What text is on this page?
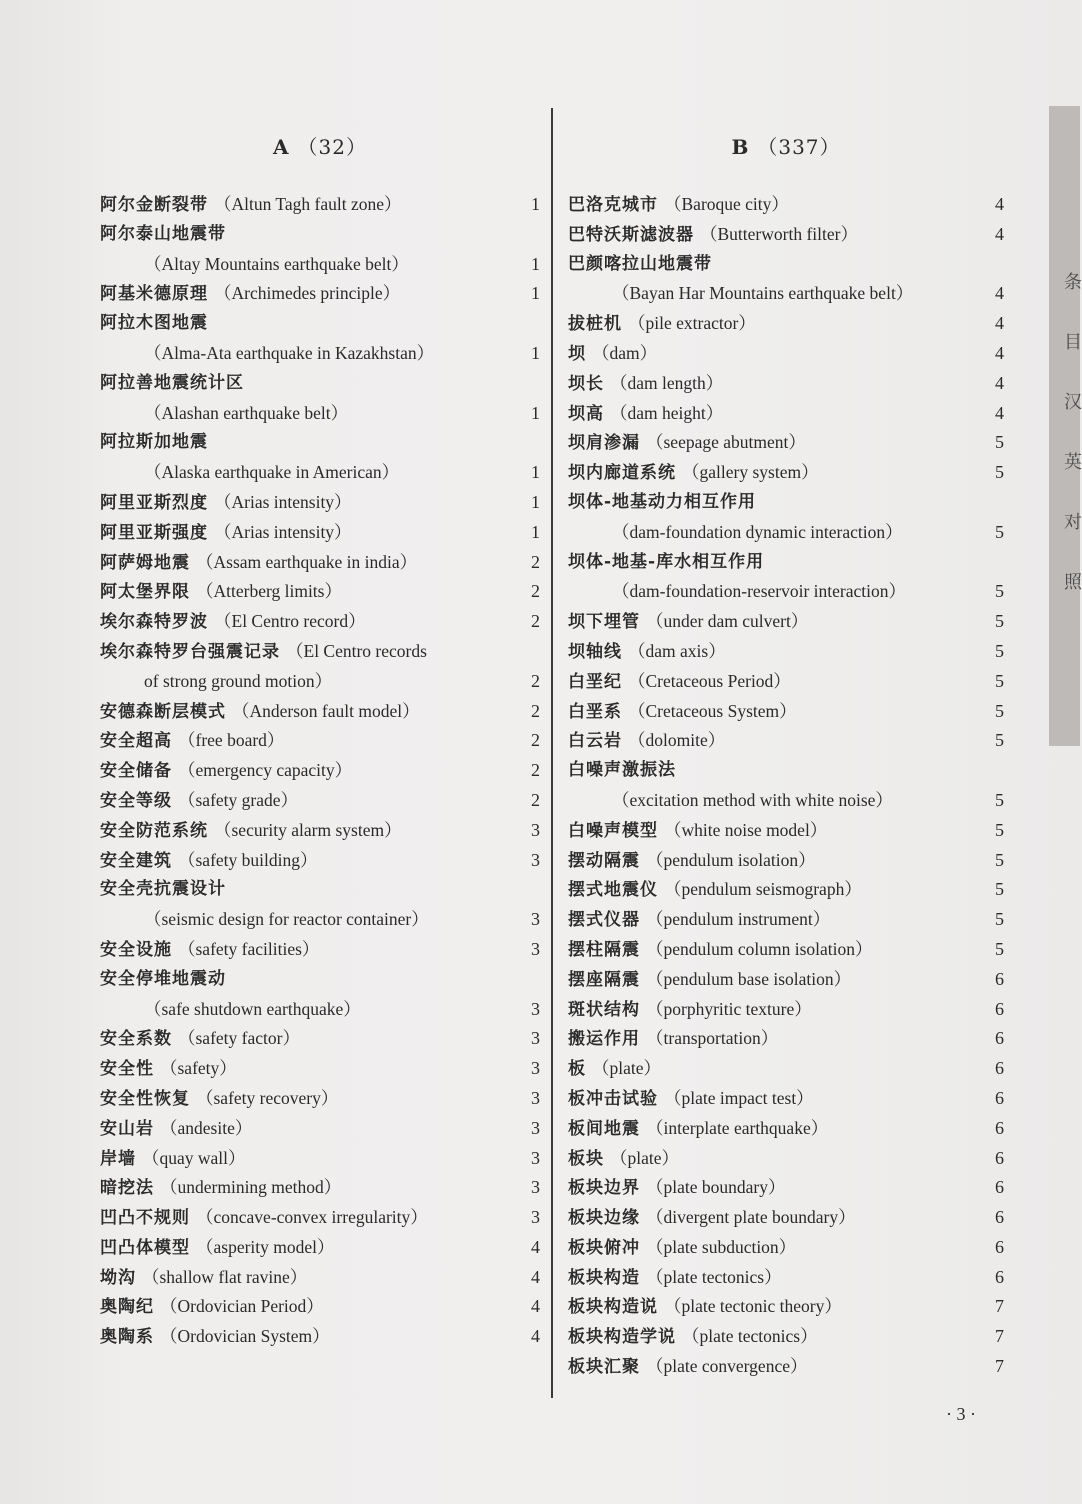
A （32）
阿尔金断裂带 （Altun Tagh fault zone）	1
阿尔泰山地震带
（Altay Mountains earthquake belt）	1
阿基米德原理 （Archimedes principle）	1
阿拉木图地震
（Alma-Ata earthquake in Kazakhstan）	1
阿拉善地震统计区
（Alashan earthquake belt）	1
阿拉斯加地震
（Alaska earthquake in American）	1
阿里亚斯烈度 （Arias intensity）	1
阿里亚斯强度 （Arias intensity）	1
阿萨姆地震 （Assam earthquake in india）	2
阿太堡界限 （Atterberg limits）	2
埃尔森特罗波 （El Centro record）	2
埃尔森特罗台强震记录 （El Centro records
of strong ground motion）	2
安德森断层模式 （Anderson fault model）	2
安全超高 （free board）	2
安全储备 （emergency capacity）	2
安全等级 （safety grade）	2
安全防范系统 （security alarm system）	3
安全建筑 （safety building）	3
安全壳抗震设计
（seismic design for reactor container）	3
安全设施 （safety facilities）	3
安全停堆地震动
（safe shutdown earthquake）	3
安全系数 （safety factor）	3
安全性 （safety）	3
安全性恢复 （safety recovery）	3
安山岩 （andesite）	3
岸墙 （quay wall）	3
暗挖法 （undermining method）	3
凹凸不规则 （concave-convex irregularity）	3
凹凸体模型 （asperity model）	4
坳沟 （shallow flat ravine）	4
奥陶纪 （Ordovician Period）	4
奥陶系 （Ordovician System）	4
B （337）
巴洛克城市 （Baroque city）	4
巴特沃斯滤波器 （Butterworth filter）	4
巴颜喀拉山地震带
（Bayan Har Mountains earthquake belt）	4
拔桩机 （pile extractor）	4
坝 （dam）	4
坝长 （dam length）	4
坝高 （dam height）	4
坝肩渗漏 （seepage abutment）	5
坝内廊道系统 （gallery system）	5
坝体-地基动力相互作用
（dam-foundation dynamic interaction）	5
坝体-地基-库水相互作用
（dam-foundation-reservoir interaction）	5
坝下埋管 （under dam culvert）	5
坝轴线 （dam axis）	5
白垩纪 （Cretaceous Period）	5
白垩系 （Cretaceous System）	5
白云岩 （dolomite）	5
白噪声激振法
（excitation method with white noise）	5
白噪声模型 （white noise model）	5
摆动隔震 （pendulum isolation）	5
摆式地震仪 （pendulum seismograph）	5
摆式仪器 （pendulum instrument）	5
摆柱隔震 （pendulum column isolation）	5
摆座隔震 （pendulum base isolation）	6
斑状结构 （porphyritic texture）	6
搬运作用 （transportation）	6
板 （plate）	6
板冲击试验 （plate impact test）	6
板间地震 （interplate earthquake）	6
板块 （plate）	6
板块边界 （plate boundary）	6
板块边缘 （divergent plate boundary）	6
板块俯冲 （plate subduction）	6
板块构造 （plate tectonics）	6
板块构造说 （plate tectonic theory）	7
板块构造学说 （plate tectonics）	7
板块汇聚 （plate convergence）	7
条
目
汉
英
对
照
· 3 ·
